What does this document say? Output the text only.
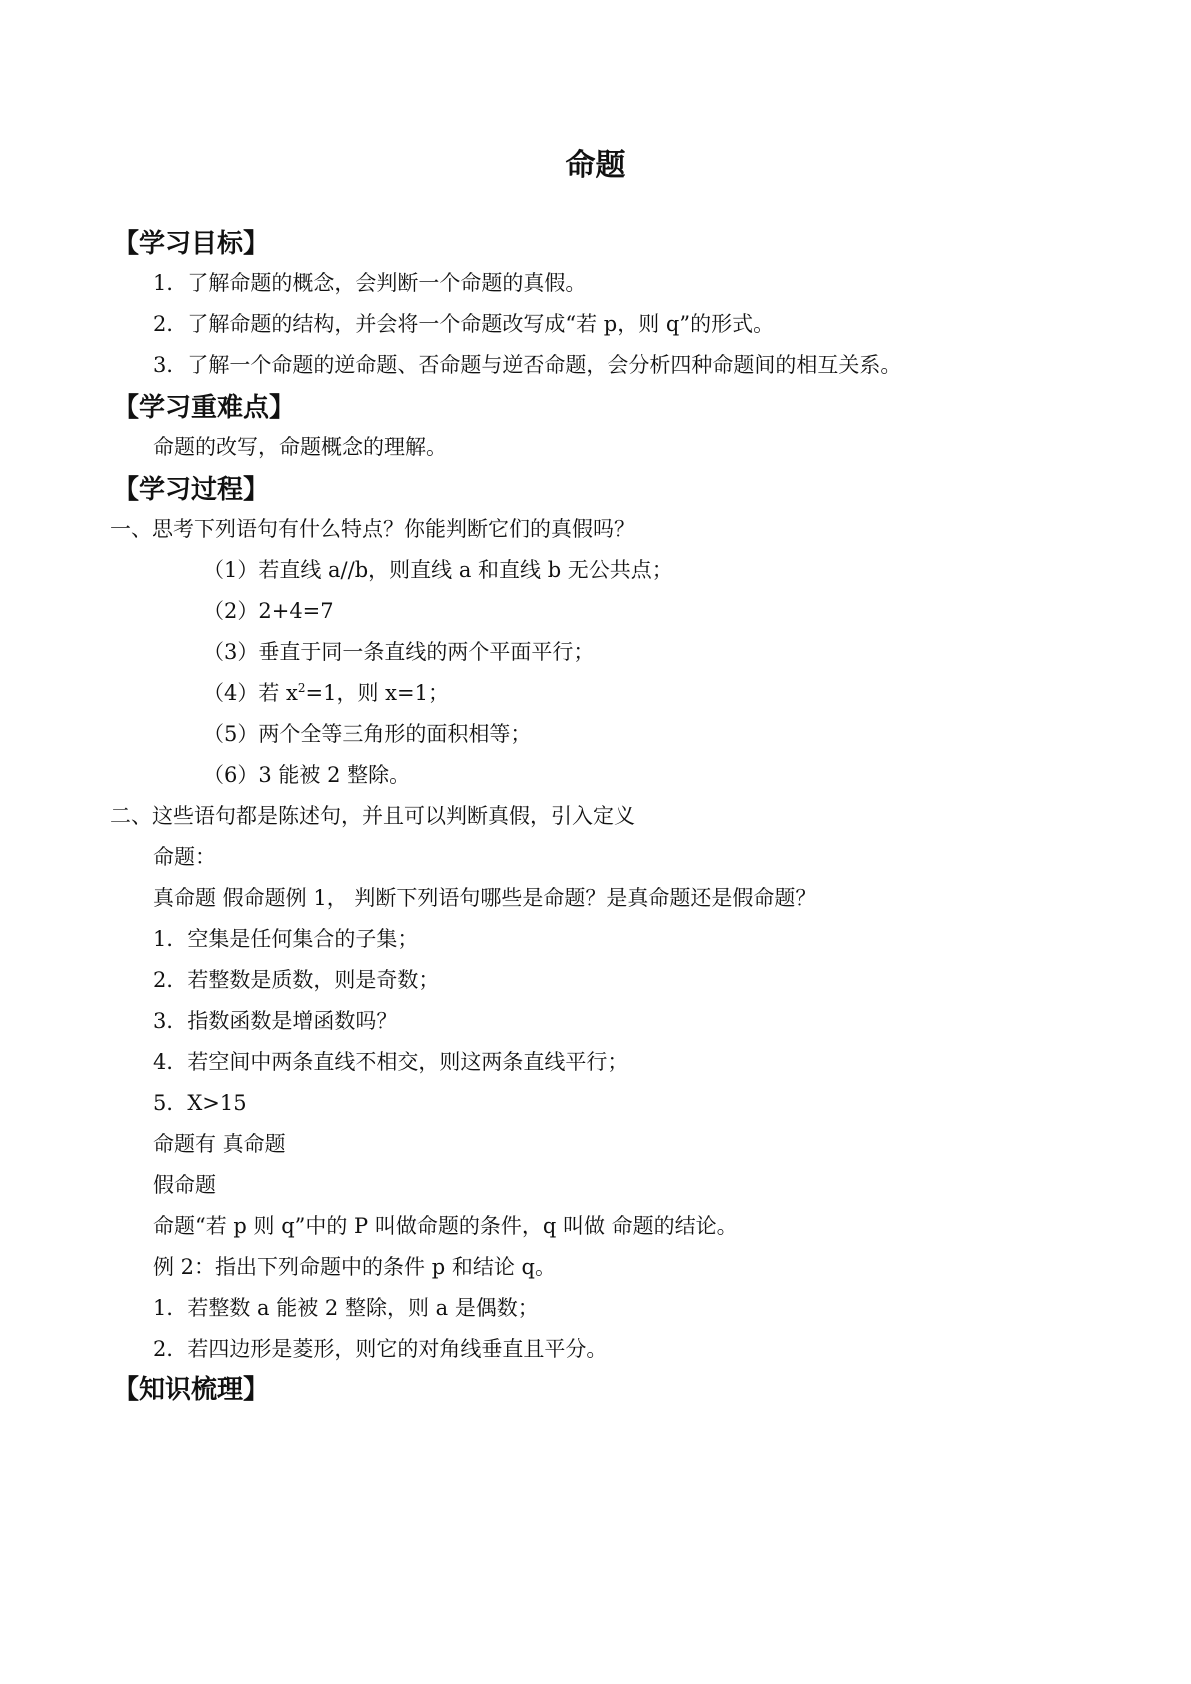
命题
【学习目标】
1．了解命题的概念，会判断一个命题的真假。
2．了解命题的结构，并会将一个命题改写成“若 p，则 q”的形式。
3．了解一个命题的逆命题、否命题与逆否命题，会分析四种命题间的相互关系。
【学习重难点】
命题的改写，命题概念的理解。
【学习过程】
一、思考下列语句有什么特点？你能判断它们的真假吗？
（1）若直线 a//b，则直线 a 和直线 b 无公共点；
（2）2+4=7
（3）垂直于同一条直线的两个平面平行；
（4）若 $x^2=1$，则 x=1；
（5）两个全等三角形的面积相等；
（6）3 能被 2 整除。
二、这些语句都是陈述句，并且可以判断真假，引入定义
命题：
真命题 假命题例 1， 判断下列语句哪些是命题？是真命题还是假命题？
1．空集是任何集合的子集；
2．若整数是质数，则是奇数；
3．指数函数是增函数吗？
4．若空间中两条直线不相交，则这两条直线平行；
5．X>15
命题有 真命题
假命题
命题“若 p 则 q”中的 P 叫做命题的条件，q 叫做 命题的结论。
例 2：指出下列命题中的条件 p 和结论 q。
1．若整数 a 能被 2 整除，则 a 是偶数；
2．若四边形是菱形，则它的对角线垂直且平分。
【知识梳理】
